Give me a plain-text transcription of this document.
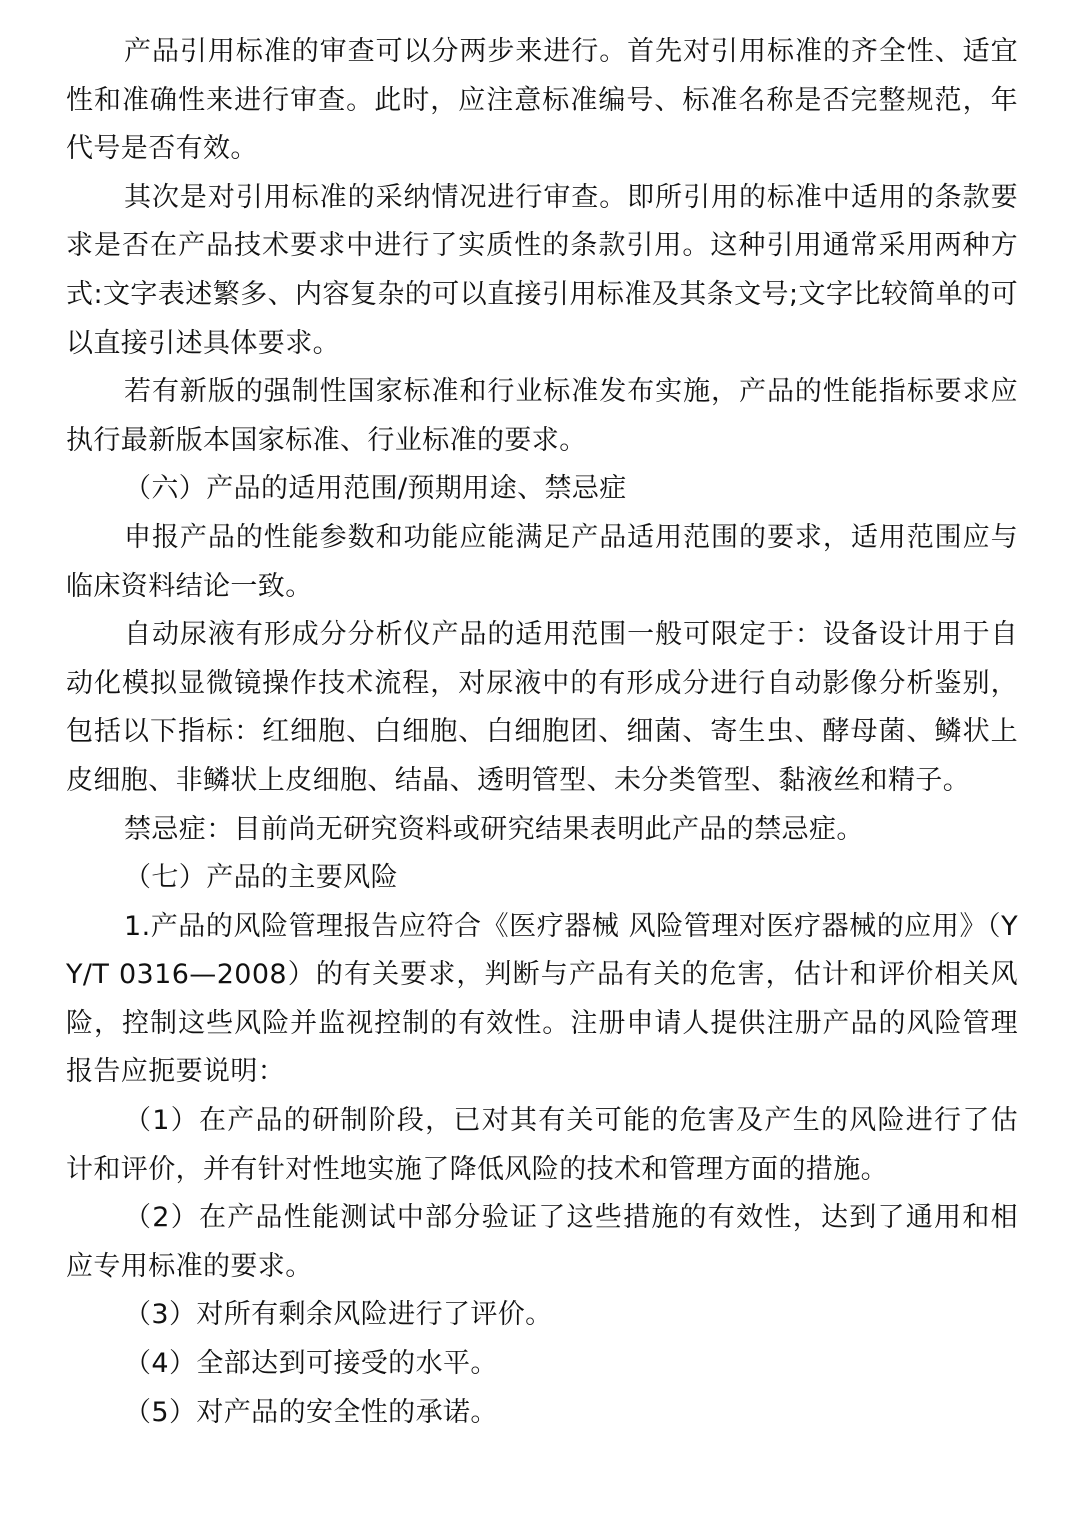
产品引用标准的审查可以分两步来进行。首先对引用标准的齐全性、适宜性和准确性来进行审查。此时，应注意标准编号、标准名称是否完整规范，年代号是否有效。

其次是对引用标准的采纳情况进行审查。即所引用的标准中适用的条款要求是否在产品技术要求中进行了实质性的条款引用。这种引用通常采用两种方式:文字表述繁多、内容复杂的可以直接引用标准及其条文号;文字比较简单的可以直接引述具体要求。

若有新版的强制性国家标准和行业标准发布实施，产品的性能指标要求应执行最新版本国家标准、行业标准的要求。

（六）产品的适用范围/预期用途、禁忌症

申报产品的性能参数和功能应能满足产品适用范围的要求，适用范围应与临床资料结论一致。

自动尿液有形成分分析仪产品的适用范围一般可限定于：设备设计用于自动化模拟显微镜操作技术流程，对尿液中的有形成分进行自动影像分析鉴别，包括以下指标：红细胞、白细胞、白细胞团、细菌、寄生虫、酵母菌、鳞状上皮细胞、非鳞状上皮细胞、结晶、透明管型、未分类管型、黏液丝和精子。

禁忌症：目前尚无研究资料或研究结果表明此产品的禁忌症。

（七）产品的主要风险

1.产品的风险管理报告应符合《医疗器械 风险管理对医疗器械的应用》（YY/T 0316—2008）的有关要求，判断与产品有关的危害，估计和评价相关风险，控制这些风险并监视控制的有效性。注册申请人提供注册产品的风险管理报告应扼要说明：

（1）在产品的研制阶段，已对其有关可能的危害及产生的风险进行了估计和评价，并有针对性地实施了降低风险的技术和管理方面的措施。

（2）在产品性能测试中部分验证了这些措施的有效性，达到了通用和相应专用标准的要求。

（3）对所有剩余风险进行了评价。

（4）全部达到可接受的水平。

（5）对产品的安全性的承诺。
